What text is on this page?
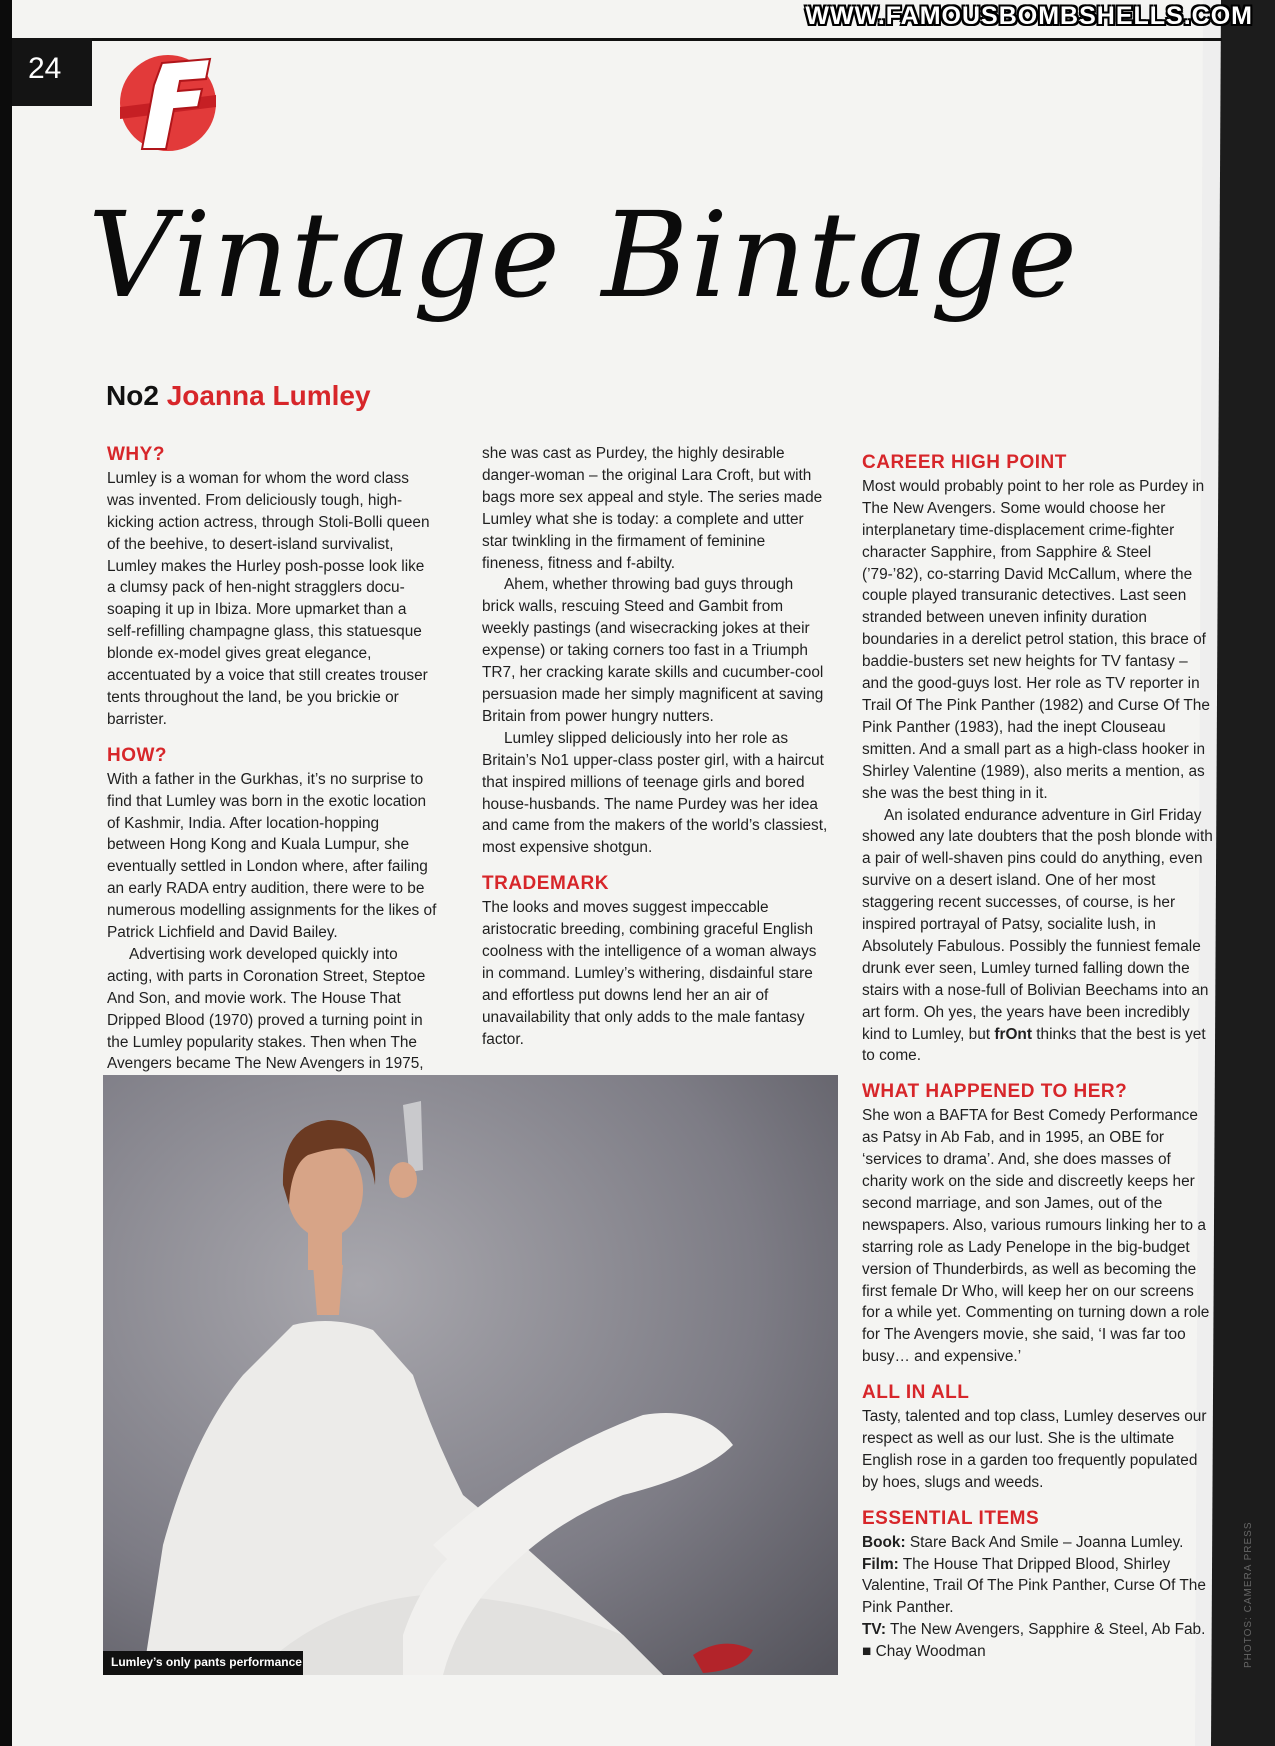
WWW.FAMOUSBOMBSHELLS.COM
24
Vintage Bintage
No2 Joanna Lumley
WHY?

Lumley is a woman for whom the word class was invented. From deliciously tough, high-kicking action actress, through Stoli-Bolli queen of the beehive, to desert-island survivalist, Lumley makes the Hurley posh-posse look like a clumsy pack of hen-night stragglers docu-soaping it up in Ibiza. More upmarket than a self-refilling champagne glass, this statuesque blonde ex-model gives great elegance, accentuated by a voice that still creates trouser tents throughout the land, be you brickie or barrister.

HOW?

With a father in the Gurkhas, it’s no surprise to find that Lumley was born in the exotic location of Kashmir, India. After location-hopping between Hong Kong and Kuala Lumpur, she eventually settled in London where, after failing an early RADA entry audition, there were to be numerous modelling assignments for the likes of Patrick Lichfield and David Bailey.

Advertising work developed quickly into acting, with parts in Coronation Street, Steptoe And Son, and movie work. The House That Dripped Blood (1970) proved a turning point in the Lumley popularity stakes. Then when The Avengers became The New Avengers in 1975,

she was cast as Purdey, the highly desirable danger-woman – the original Lara Croft, but with bags more sex appeal and style. The series made Lumley what she is today: a complete and utter star twinkling in the firmament of feminine fineness, fitness and f-abilty.

Ahem, whether throwing bad guys through brick walls, rescuing Steed and Gambit from weekly pastings (and wisecracking jokes at their expense) or taking corners too fast in a Triumph TR7, her cracking karate skills and cucumber-cool persuasion made her simply magnificent at saving Britain from power hungry nutters.

Lumley slipped deliciously into her role as Britain’s No1 upper-class poster girl, with a haircut that inspired millions of teenage girls and bored house-husbands. The name Purdey was her idea and came from the makers of the world’s classiest, most expensive shotgun.

TRADEMARK

The looks and moves suggest impeccable aristocratic breeding, combining graceful English coolness with the intelligence of a woman always in command. Lumley’s withering, disdainful stare and effortless put downs lend her an air of unavailability that only adds to the male fantasy factor.

CAREER HIGH POINT

Most would probably point to her role as Purdey in The New Avengers. Some would choose her interplanetary time-displacement crime-fighter character Sapphire, from Sapphire & Steel (’79-’82), co-starring David McCallum, where the couple played transuranic detectives. Last seen stranded between uneven infinity duration boundaries in a derelict petrol station, this brace of baddie-busters set new heights for TV fantasy – and the good-guys lost. Her role as TV reporter in Trail Of The Pink Panther (1982) and Curse Of The Pink Panther (1983), had the inept Clouseau smitten. And a small part as a high-class hooker in Shirley Valentine (1989), also merits a mention, as she was the best thing in it.

An isolated endurance adventure in Girl Friday showed any late doubters that the posh blonde with a pair of well-shaven pins could do anything, even survive on a desert island. One of her most staggering recent successes, of course, is her inspired portrayal of Patsy, socialite lush, in Absolutely Fabulous. Possibly the funniest female drunk ever seen, Lumley turned falling down the stairs with a nose-full of Bolivian Beechams into an art form. Oh yes, the years have been incredibly kind to Lumley, but frOnt thinks that the best is yet to come.

WHAT HAPPENED TO HER?

She won a BAFTA for Best Comedy Performance as Patsy in Ab Fab, and in 1995, an OBE for ‘services to drama’. And, she does masses of charity work on the side and discreetly keeps her second marriage, and son James, out of the newspapers. Also, various rumours linking her to a starring role as Lady Penelope in the big-budget version of Thunderbirds, as well as becoming the first female Dr Who, will keep her on our screens for a while yet. Commenting on turning down a role for The Avengers movie, she said, ‘I was far too busy… and expensive.’

ALL IN ALL

Tasty, talented and top class, Lumley deserves our respect as well as our lust. She is the ultimate English rose in a garden too frequently populated by hoes, slugs and weeds.

ESSENTIAL ITEMS

Book: Stare Back And Smile – Joanna Lumley.

Film: The House That Dripped Blood, Shirley Valentine, Trail Of The Pink Panther, Curse Of The Pink Panther.

TV: The New Avengers, Sapphire & Steel, Ab Fab.

■ Chay Woodman

Lumley’s only pants performance	PHOTOS: CAMERA PRESS
